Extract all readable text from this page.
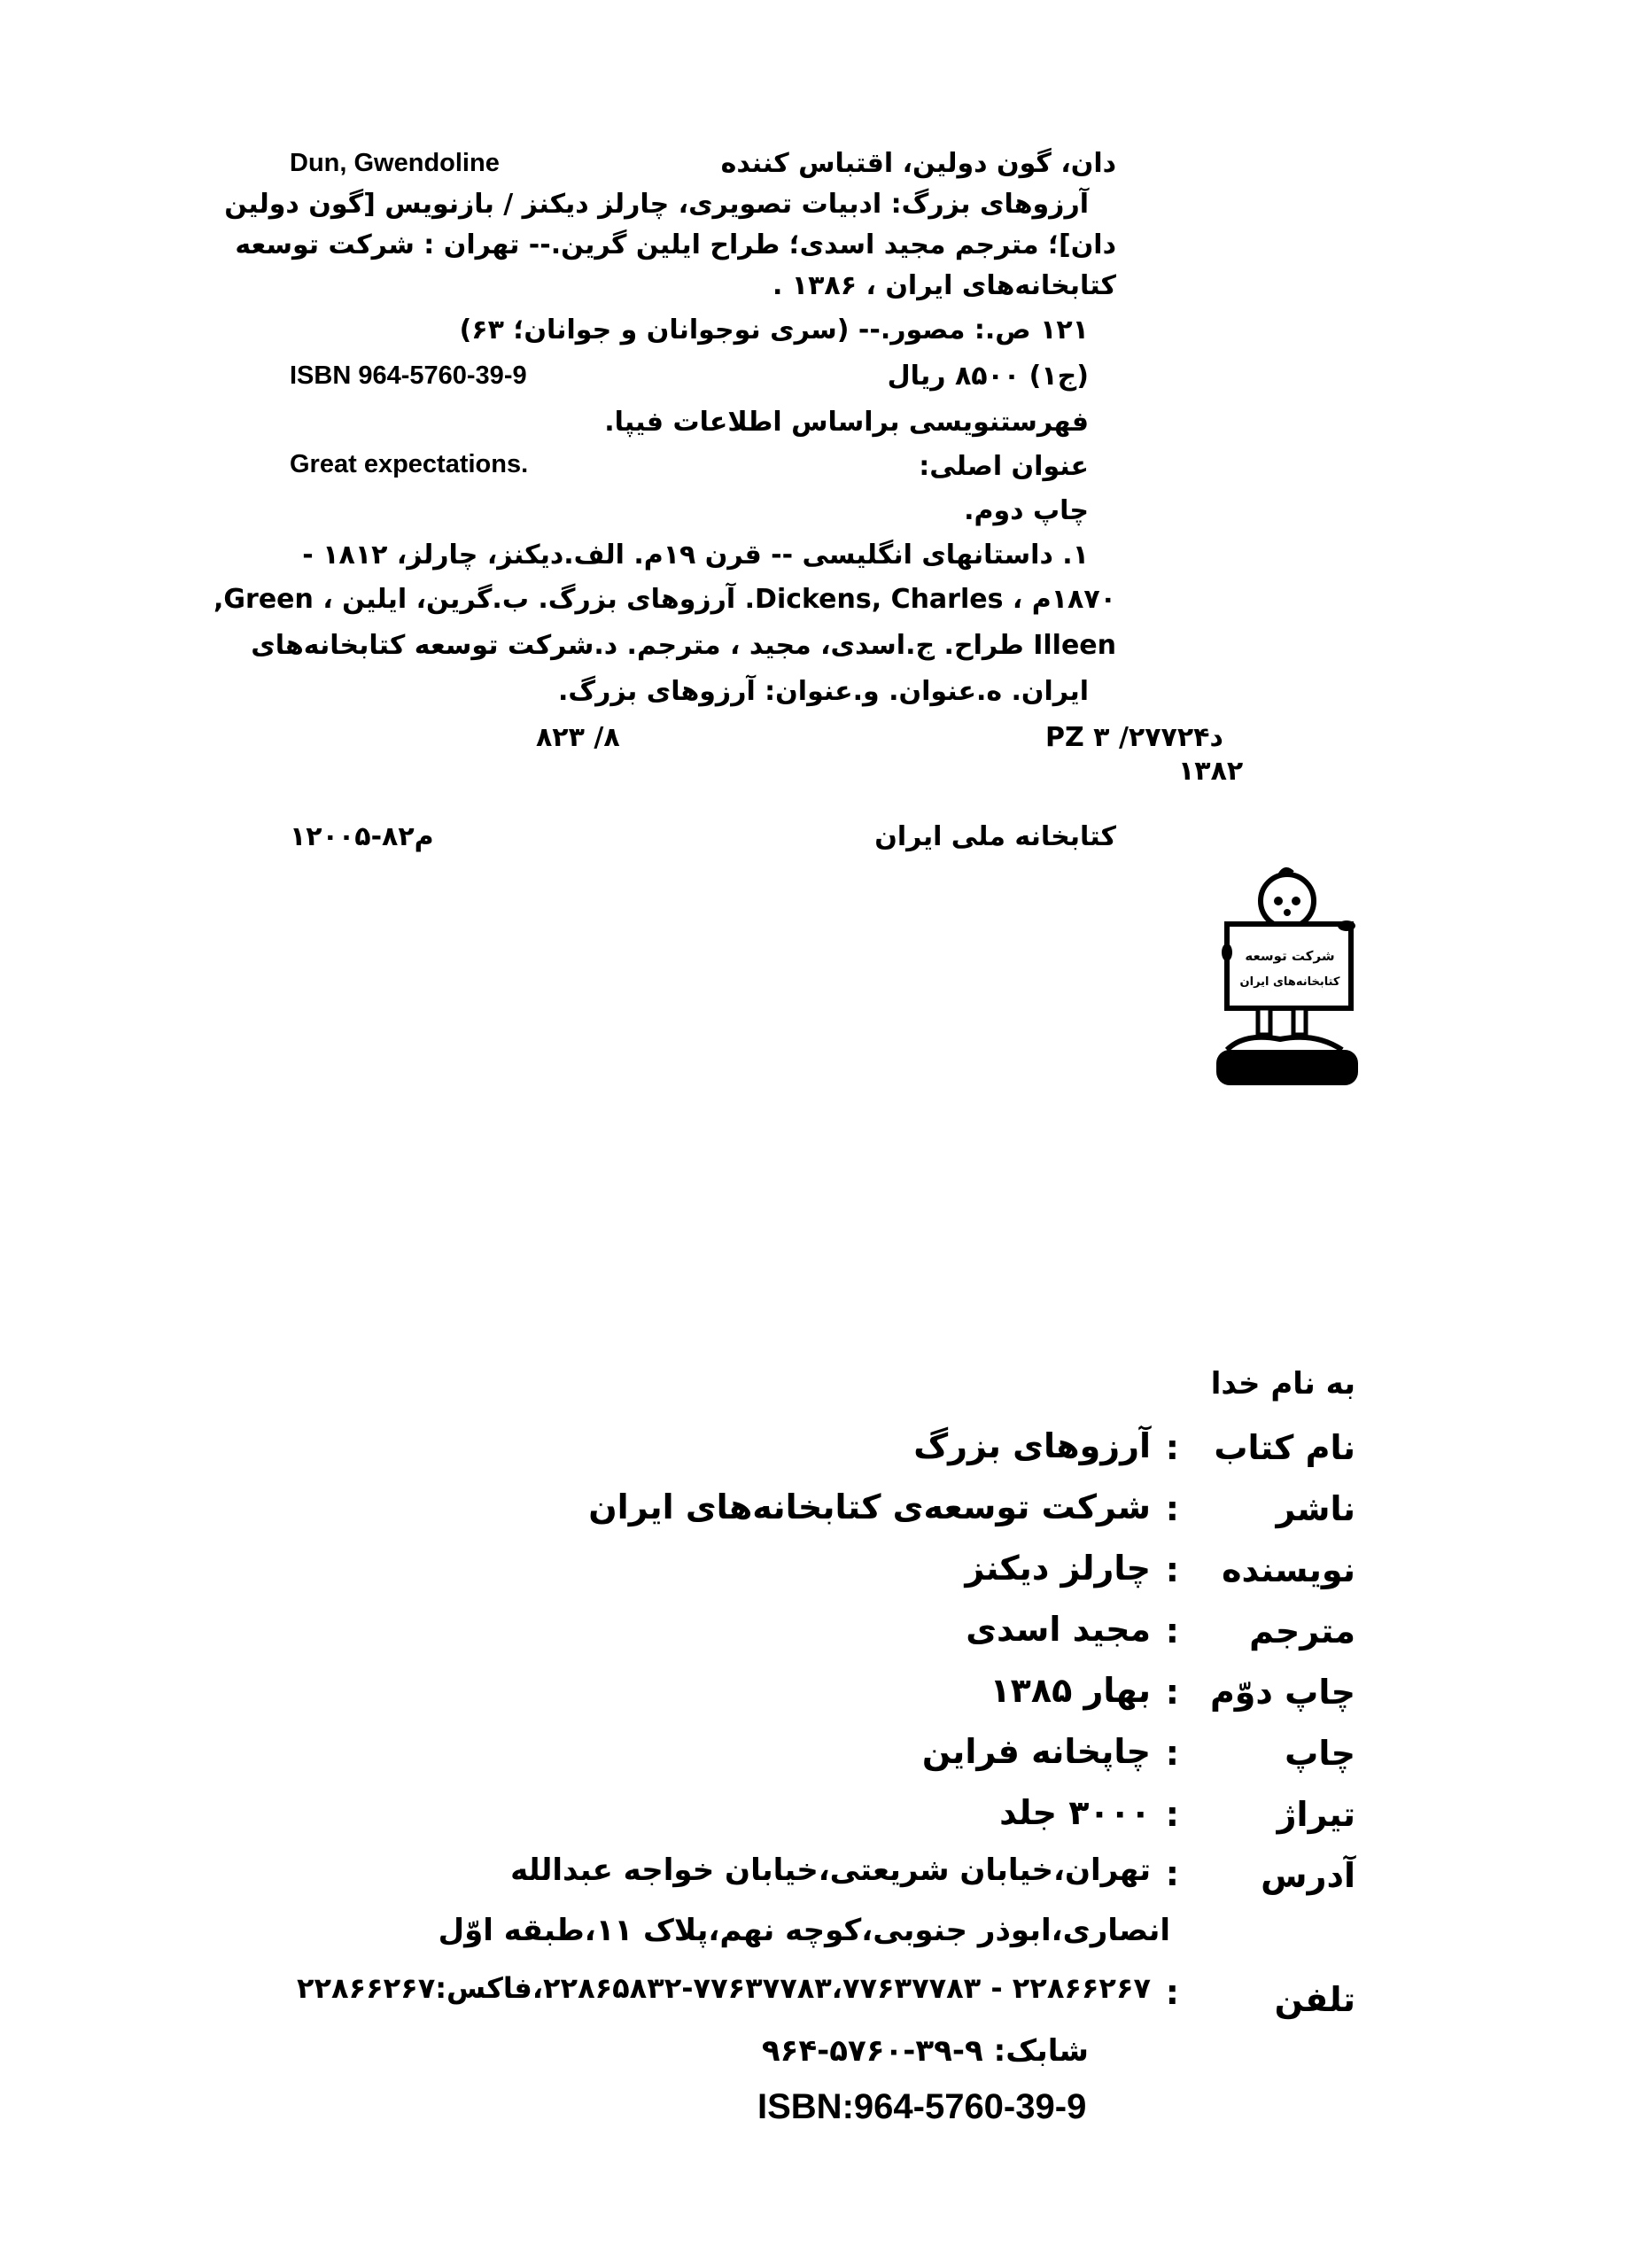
دان، گون دولین، اقتباس کننده
Dun, Gwendoline
آرزوهای بزرگ: ادبیات تصویری، چارلز دیکنز / بازنویس [گون دولین
دان]؛ مترجم مجید اسدی؛ طراح ایلین گرین.-- تهران : شرکت توسعه
کتابخانه‌های ایران ، ۱۳۸۶ .
۱۲۱ ص.: مصور.-- (سری نوجوانان و جوانان؛ ۶۳)
(ج۱) ۸۵۰۰ ریال
ISBN 964-5760-39-9
فهرستنویسی براساس اطلاعات فیپا.
عنوان اصلی:
Great expectations.
چاپ دوم.
۱. داستانهای انگلیسی -- قرن ۱۹م. الف.دیکنز، چارلز، ۱۸۱۲ -
۱۸۷۰م ، Dickens, Charles. آرزوهای بزرگ. ب.گرین، ایلین ، Green,
Illeen طراح. ج.اسدی، مجید ، مترجم. د.شرکت توسعه کتابخانه‌های
ایران. ه.عنوان. و.عنوان: آرزوهای بزرگ.
۸۲۳ /۸	PZ ۳ /د۲۷۷۲۴
۱۳۸۲
کتابخانه ملی ایران
م۸۲-۱۲۰۰۵
شرکت توسعه
کتابخانه‌های ایران
به نام خدا
نام کتاب
:
آرزوهای بزرگ
ناشر
:
شرکت توسعه‌ی کتابخانه‌های ایران
نویسنده
:
چارلز دیکنز
مترجم
:
مجید اسدی
چاپ دوّم
:
بهار ۱۳۸۵
چاپ
:
چاپخانه فراین
تیراژ
:
۳۰۰۰ جلد
آدرس
:
تهران،خیابان شریعتی،خیابان خواجه عبدالله
انصاری،ابوذر جنوبی،کوچه نهم،پلاک ۱۱،طبقه اوّل
تلفن
:
۲۲۸۶۶۲۶۷ - ۲۲۸۶۵۸۳۲-۷۷۶۳۷۷۸۳،۷۷۶۳۷۷۸۳،فاکس:۲۲۸۶۶۲۶۷
شابک: ۹-۳۹-۵۷۶۰-۹۶۴
ISBN:964-5760-39-9
